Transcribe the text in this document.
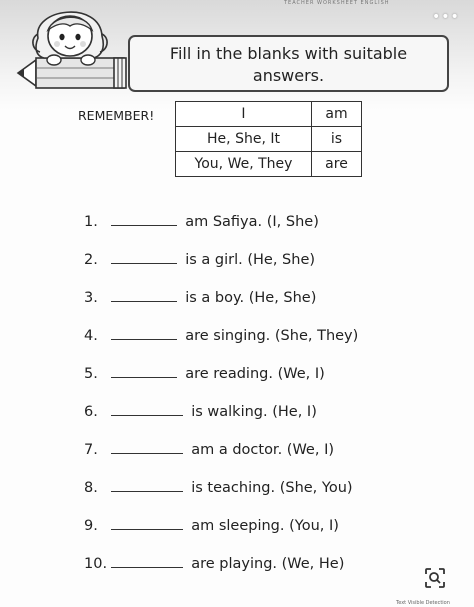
TEACHER WORKSHEET ENGLISH
•••
Fill in the blanks with suitable
answers.
REMEMBER!	I	am
He, She, It	is
You, We, They	are
1.	am Safiya. (I, She)
2.	is a girl. (He, She)
3.	is a boy. (He, She)
4.	are singing. (She, They)
5.	are reading. (We, I)
6.	is walking. (He, I)
7.	am a doctor. (We, I)
8.	is teaching. (She, You)
9.	am sleeping. (You, I)
10.	are playing. (We, He)
Text Visible Detection
